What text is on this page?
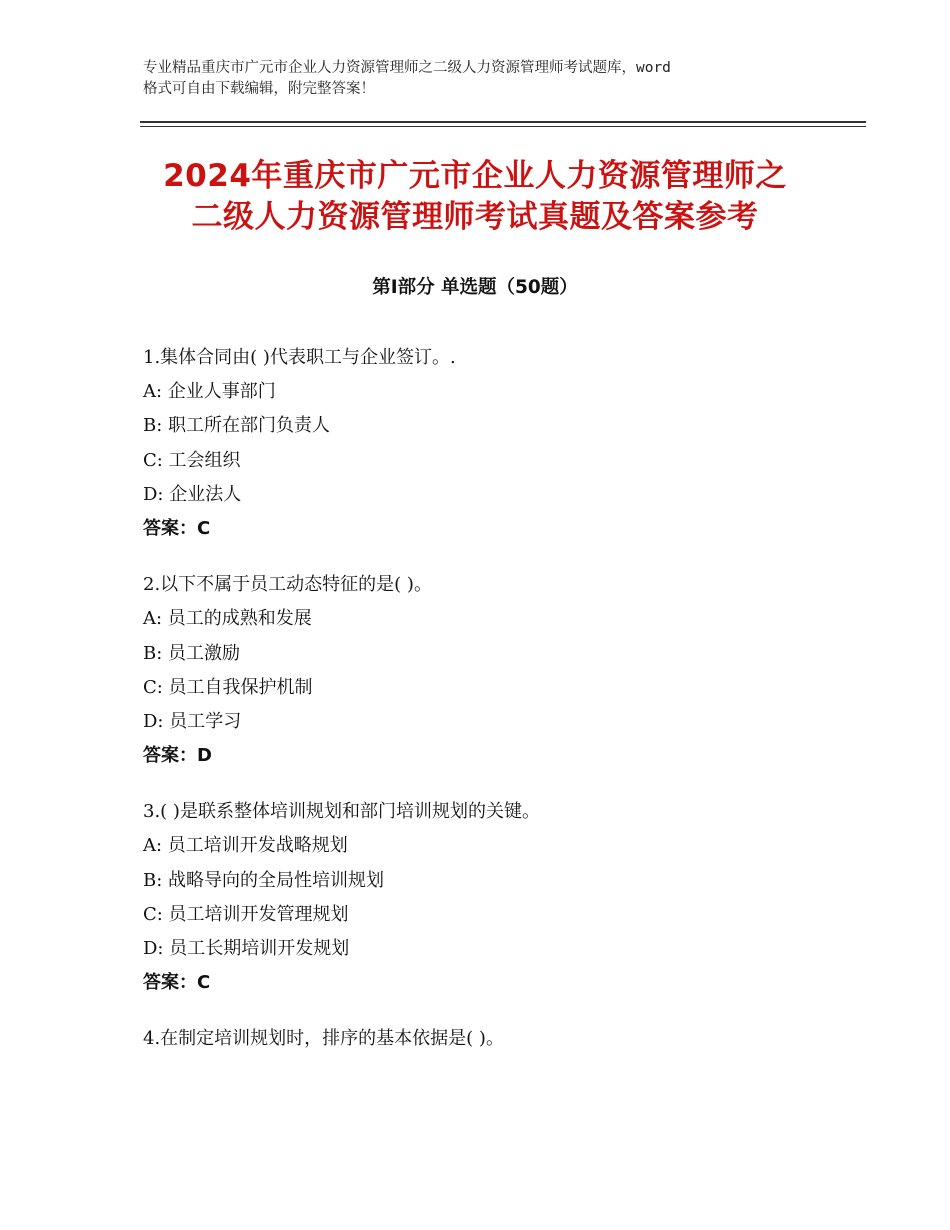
专业精品重庆市广元市企业人力资源管理师之二级人力资源管理师考试题库，word
格式可自由下载编辑，附完整答案！
2024年重庆市广元市企业人力资源管理师之
二级人力资源管理师考试真题及答案参考
第Ⅰ部分 单选题（50题）
1.集体合同由( )代表职工与企业签订。.
A: 企业人事部门
B: 职工所在部门负责人
C: 工会组织
D: 企业法人
答案：C
2.以下不属于员工动态特征的是( )。
A: 员工的成熟和发展
B: 员工激励
C: 员工自我保护机制
D: 员工学习
答案：D
3.( )是联系整体培训规划和部门培训规划的关键。
A: 员工培训开发战略规划
B: 战略导向的全局性培训规划
C: 员工培训开发管理规划
D: 员工长期培训开发规划
答案：C
4.在制定培训规划时，排序的基本依据是( )。
